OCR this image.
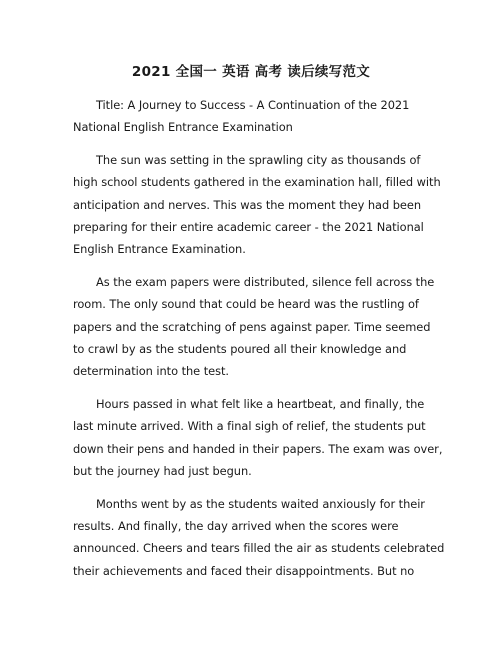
2021 全国一 英语 高考 读后续写范文

Title: A Journey to Success - A Continuation of the 2021
National English Entrance Examination

The sun was setting in the sprawling city as thousands of
high school students gathered in the examination hall, filled with
anticipation and nerves. This was the moment they had been
preparing for their entire academic career - the 2021 National
English Entrance Examination.

As the exam papers were distributed, silence fell across the
room. The only sound that could be heard was the rustling of
papers and the scratching of pens against paper. Time seemed
to crawl by as the students poured all their knowledge and
determination into the test.

Hours passed in what felt like a heartbeat, and finally, the
last minute arrived. With a final sigh of relief, the students put
down their pens and handed in their papers. The exam was over,
but the journey had just begun.

Months went by as the students waited anxiously for their
results. And finally, the day arrived when the scores were
announced. Cheers and tears filled the air as students celebrated
their achievements and faced their disappointments. But no
